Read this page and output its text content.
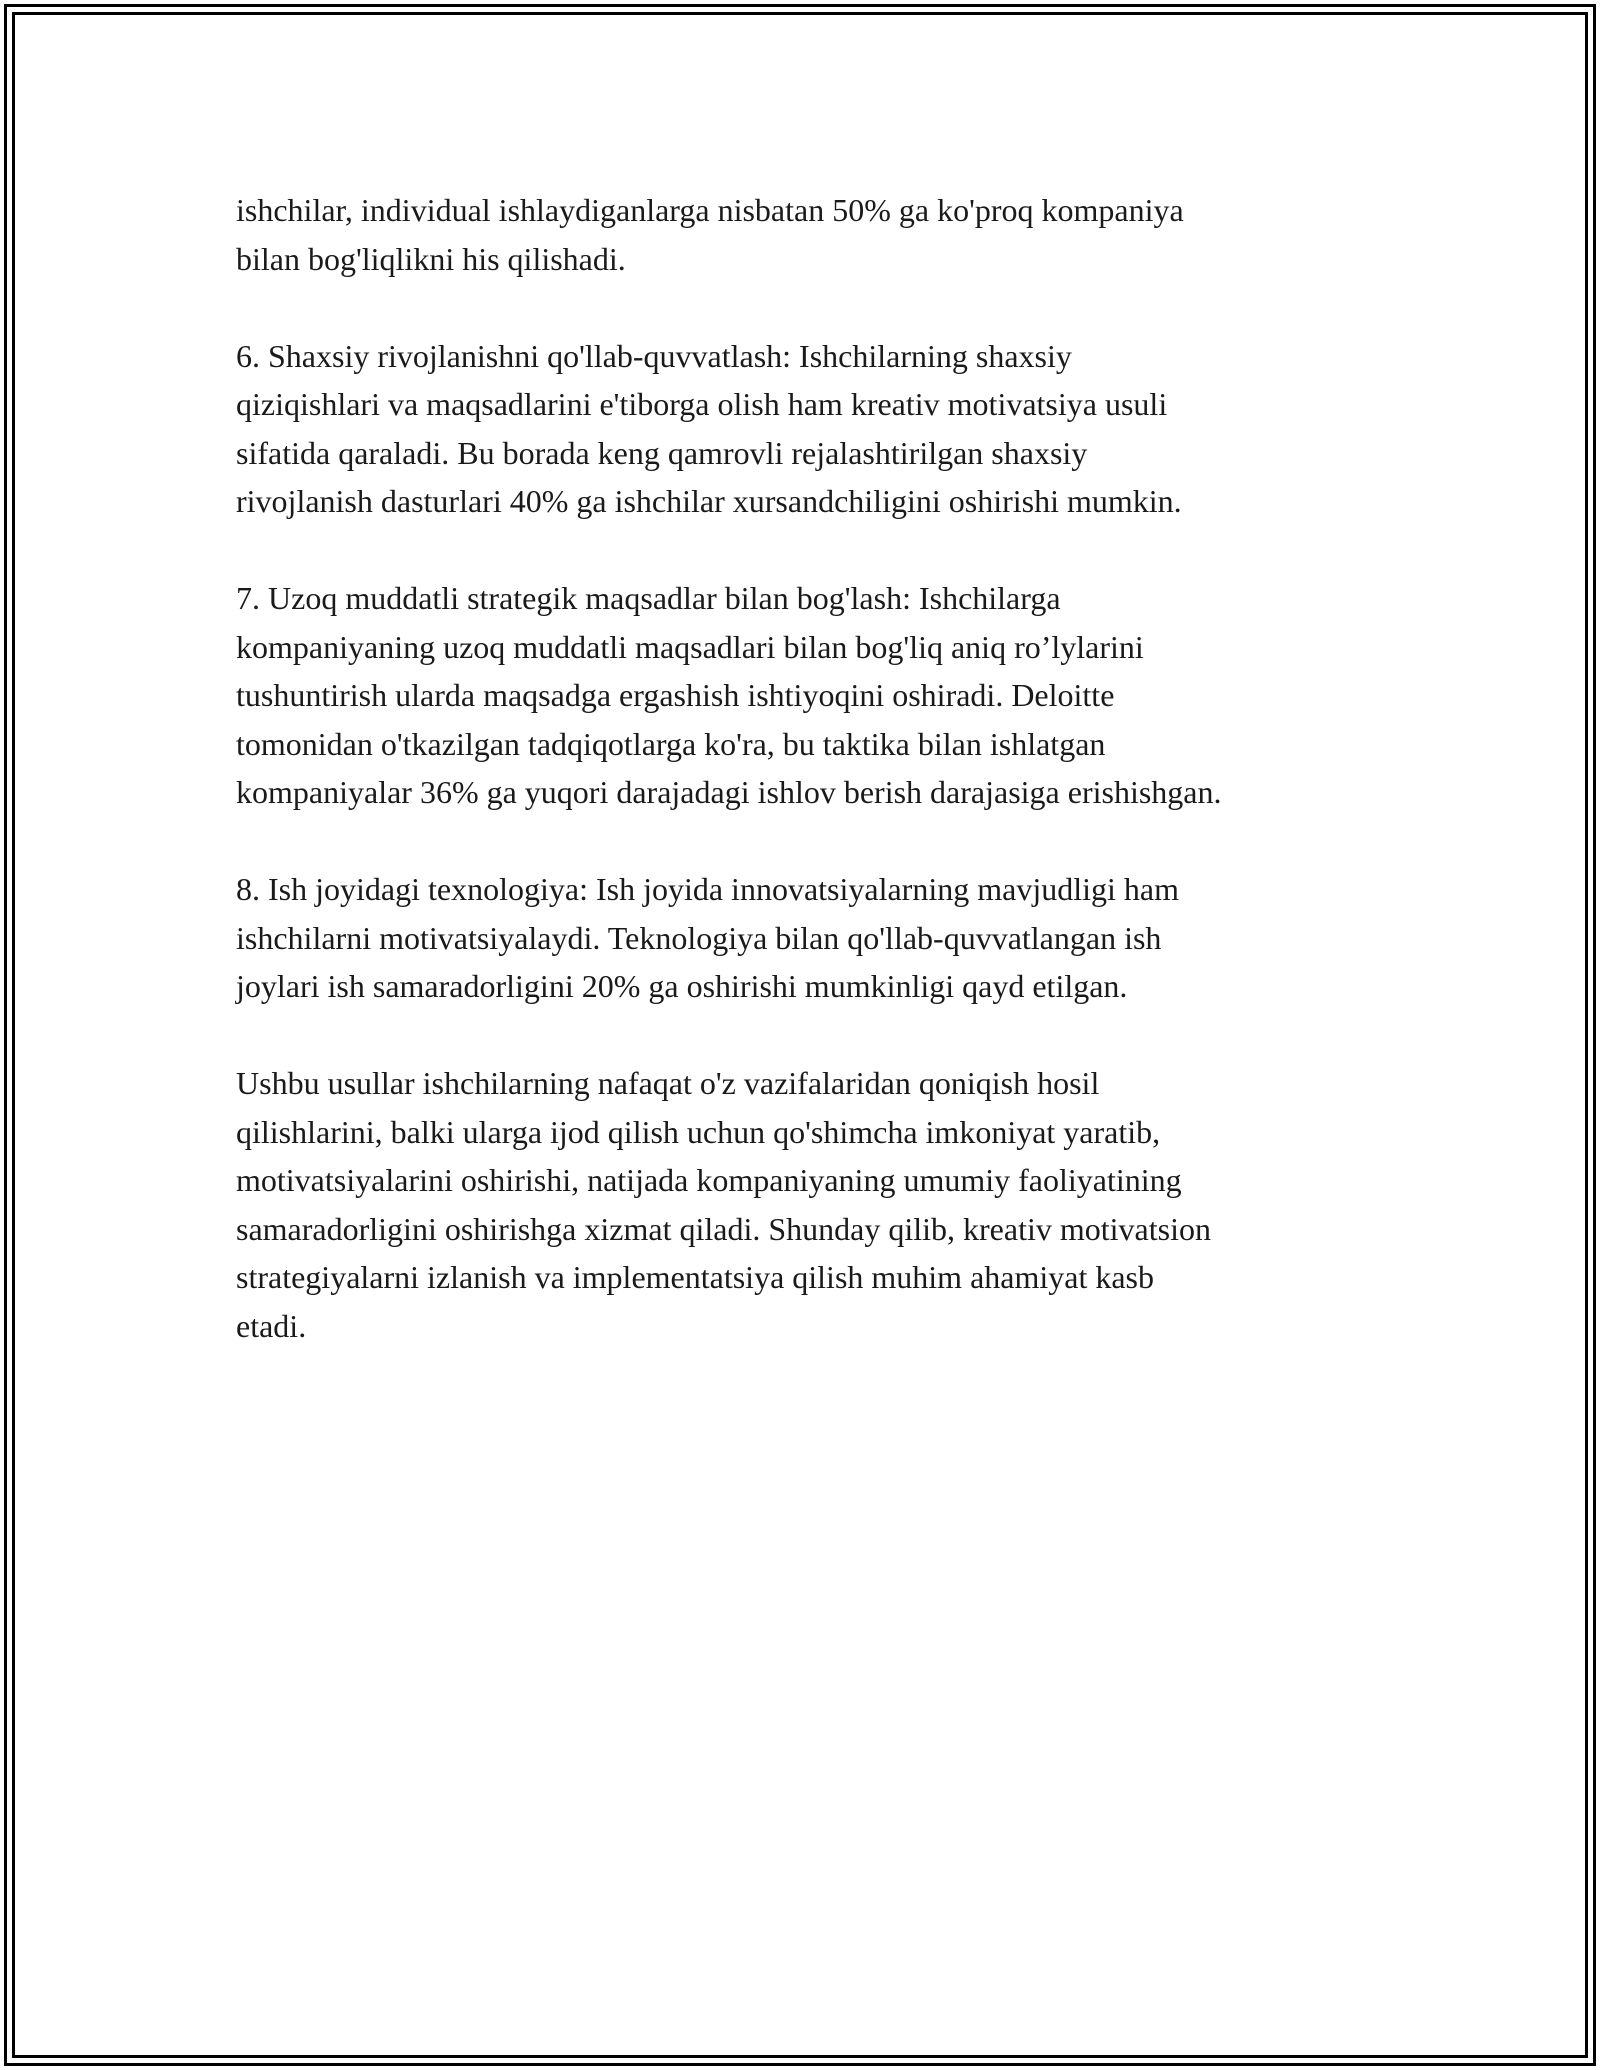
ishchilar, individual ishlaydiganlarga nisbatan 50% ga ko'proq kompaniya
bilan bog'liqlikni his qilishadi.

6. Shaxsiy rivojlanishni qo'llab-quvvatlash: Ishchilarning shaxsiy
qiziqishlari va maqsadlarini e'tiborga olish ham kreativ motivatsiya usuli
sifatida qaraladi. Bu borada keng qamrovli rejalashtirilgan shaxsiy
rivojlanish dasturlari 40% ga ishchilar xursandchiligini oshirishi mumkin.

7. Uzoq muddatli strategik maqsadlar bilan bog'lash: Ishchilarga
kompaniyaning uzoq muddatli maqsadlari bilan bog'liq aniq ro’lylarini
tushuntirish ularda maqsadga ergashish ishtiyoqini oshiradi. Deloitte
tomonidan o'tkazilgan tadqiqotlarga ko'ra, bu taktika bilan ishlatgan
kompaniyalar 36% ga yuqori darajadagi ishlov berish darajasiga erishishgan.

8. Ish joyidagi texnologiya: Ish joyida innovatsiyalarning mavjudligi ham
ishchilarni motivatsiyalaydi. Teknologiya bilan qo'llab-quvvatlangan ish
joylari ish samaradorligini 20% ga oshirishi mumkinligi qayd etilgan.

Ushbu usullar ishchilarning nafaqat o'z vazifalaridan qoniqish hosil
qilishlarini, balki ularga ijod qilish uchun qo'shimcha imkoniyat yaratib,
motivatsiyalarini oshirishi, natijada kompaniyaning umumiy faoliyatining
samaradorligini oshirishga xizmat qiladi. Shunday qilib, kreativ motivatsion
strategiyalarni izlanish va implementatsiya qilish muhim ahamiyat kasb
etadi.
